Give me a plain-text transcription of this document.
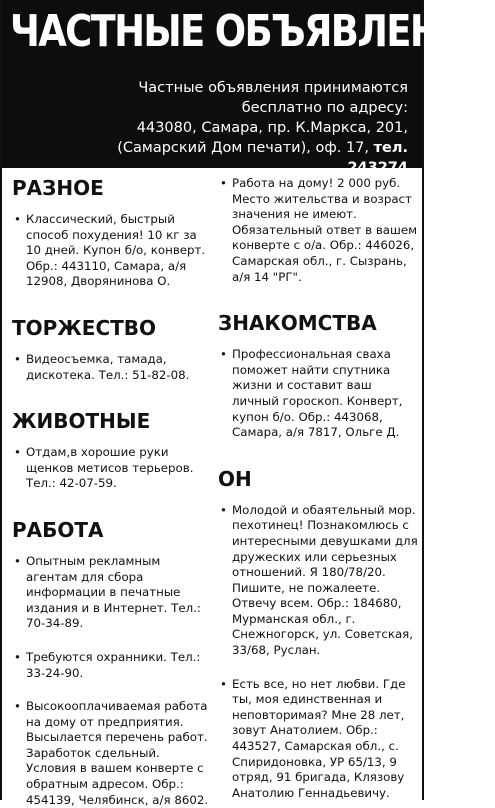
ЧАСТНЫЕ ОБЪЯВЛЕНИЯ
Частные объявления принимаются
бесплатно по адресу:
443080, Самара, пр. К.Маркса, 201,
(Самарский Дом печати), оф. 17, тел. 243274
РАЗНОЕ
• Классический, быстрый способ похудения! 10 кг за 10 дней. Купон б/о, конверт. Обр.: 443110, Самара, а/я 12908, Дворянинова О.
ТОРЖЕСТВО
• Видеосъемка, тамада, дискотека. Тел.: 51-82-08.
ЖИВОТНЫЕ
• Отдам,в хорошие руки щенков метисов терьеров. Тел.: 42-07-59.
РАБОТА
• Опытным рекламным агентам для сбора информации в печатные издания и в Интернет. Тел.: 70-34-89.
• Требуются охранники. Тел.: 33-24-90.
• Высокооплачиваемая работа на дому от предприятия. Высылается перечень работ. Заработок сдельный. Условия в вашем конверте с обратным адресом. Обр.: 454139, Челябинск, а/я 8602.
• Работа на дому! 2 000 руб. Место жительства и возраст значения не имеют. Обязательный ответ в вашем конверте с о/а. Обр.: 446026, Самарская обл., г. Сызрань, а/я 14 "РГ".
ЗНАКОМСТВА
• Профессиональная сваха поможет найти спутника жизни и составит ваш личный гороскоп. Конверт, купон б/о. Обр.: 443068, Самара, а/я 7817, Ольге Д.
ОН
• Молодой и обаятельный мор. пехотинец! Познакомлюсь с интересными девушками для дружеских или серьезных отношений. Я 180/78/20. Пишите, не пожалеете. Отвечу всем. Обр.: 184680, Мурманская обл., г. Снежногорск, ул. Советская, 33/68, Руслан.
• Есть все, но нет любви. Где ты, моя единственная и неповторимая? Мне 28 лет, зовут Анатолием. Обр.: 443527, Самарская обл., с. Спиридоновка, УР 65/13, 9 отряд, 91 бригада, Клязову Анатолию Геннадьевичу.
